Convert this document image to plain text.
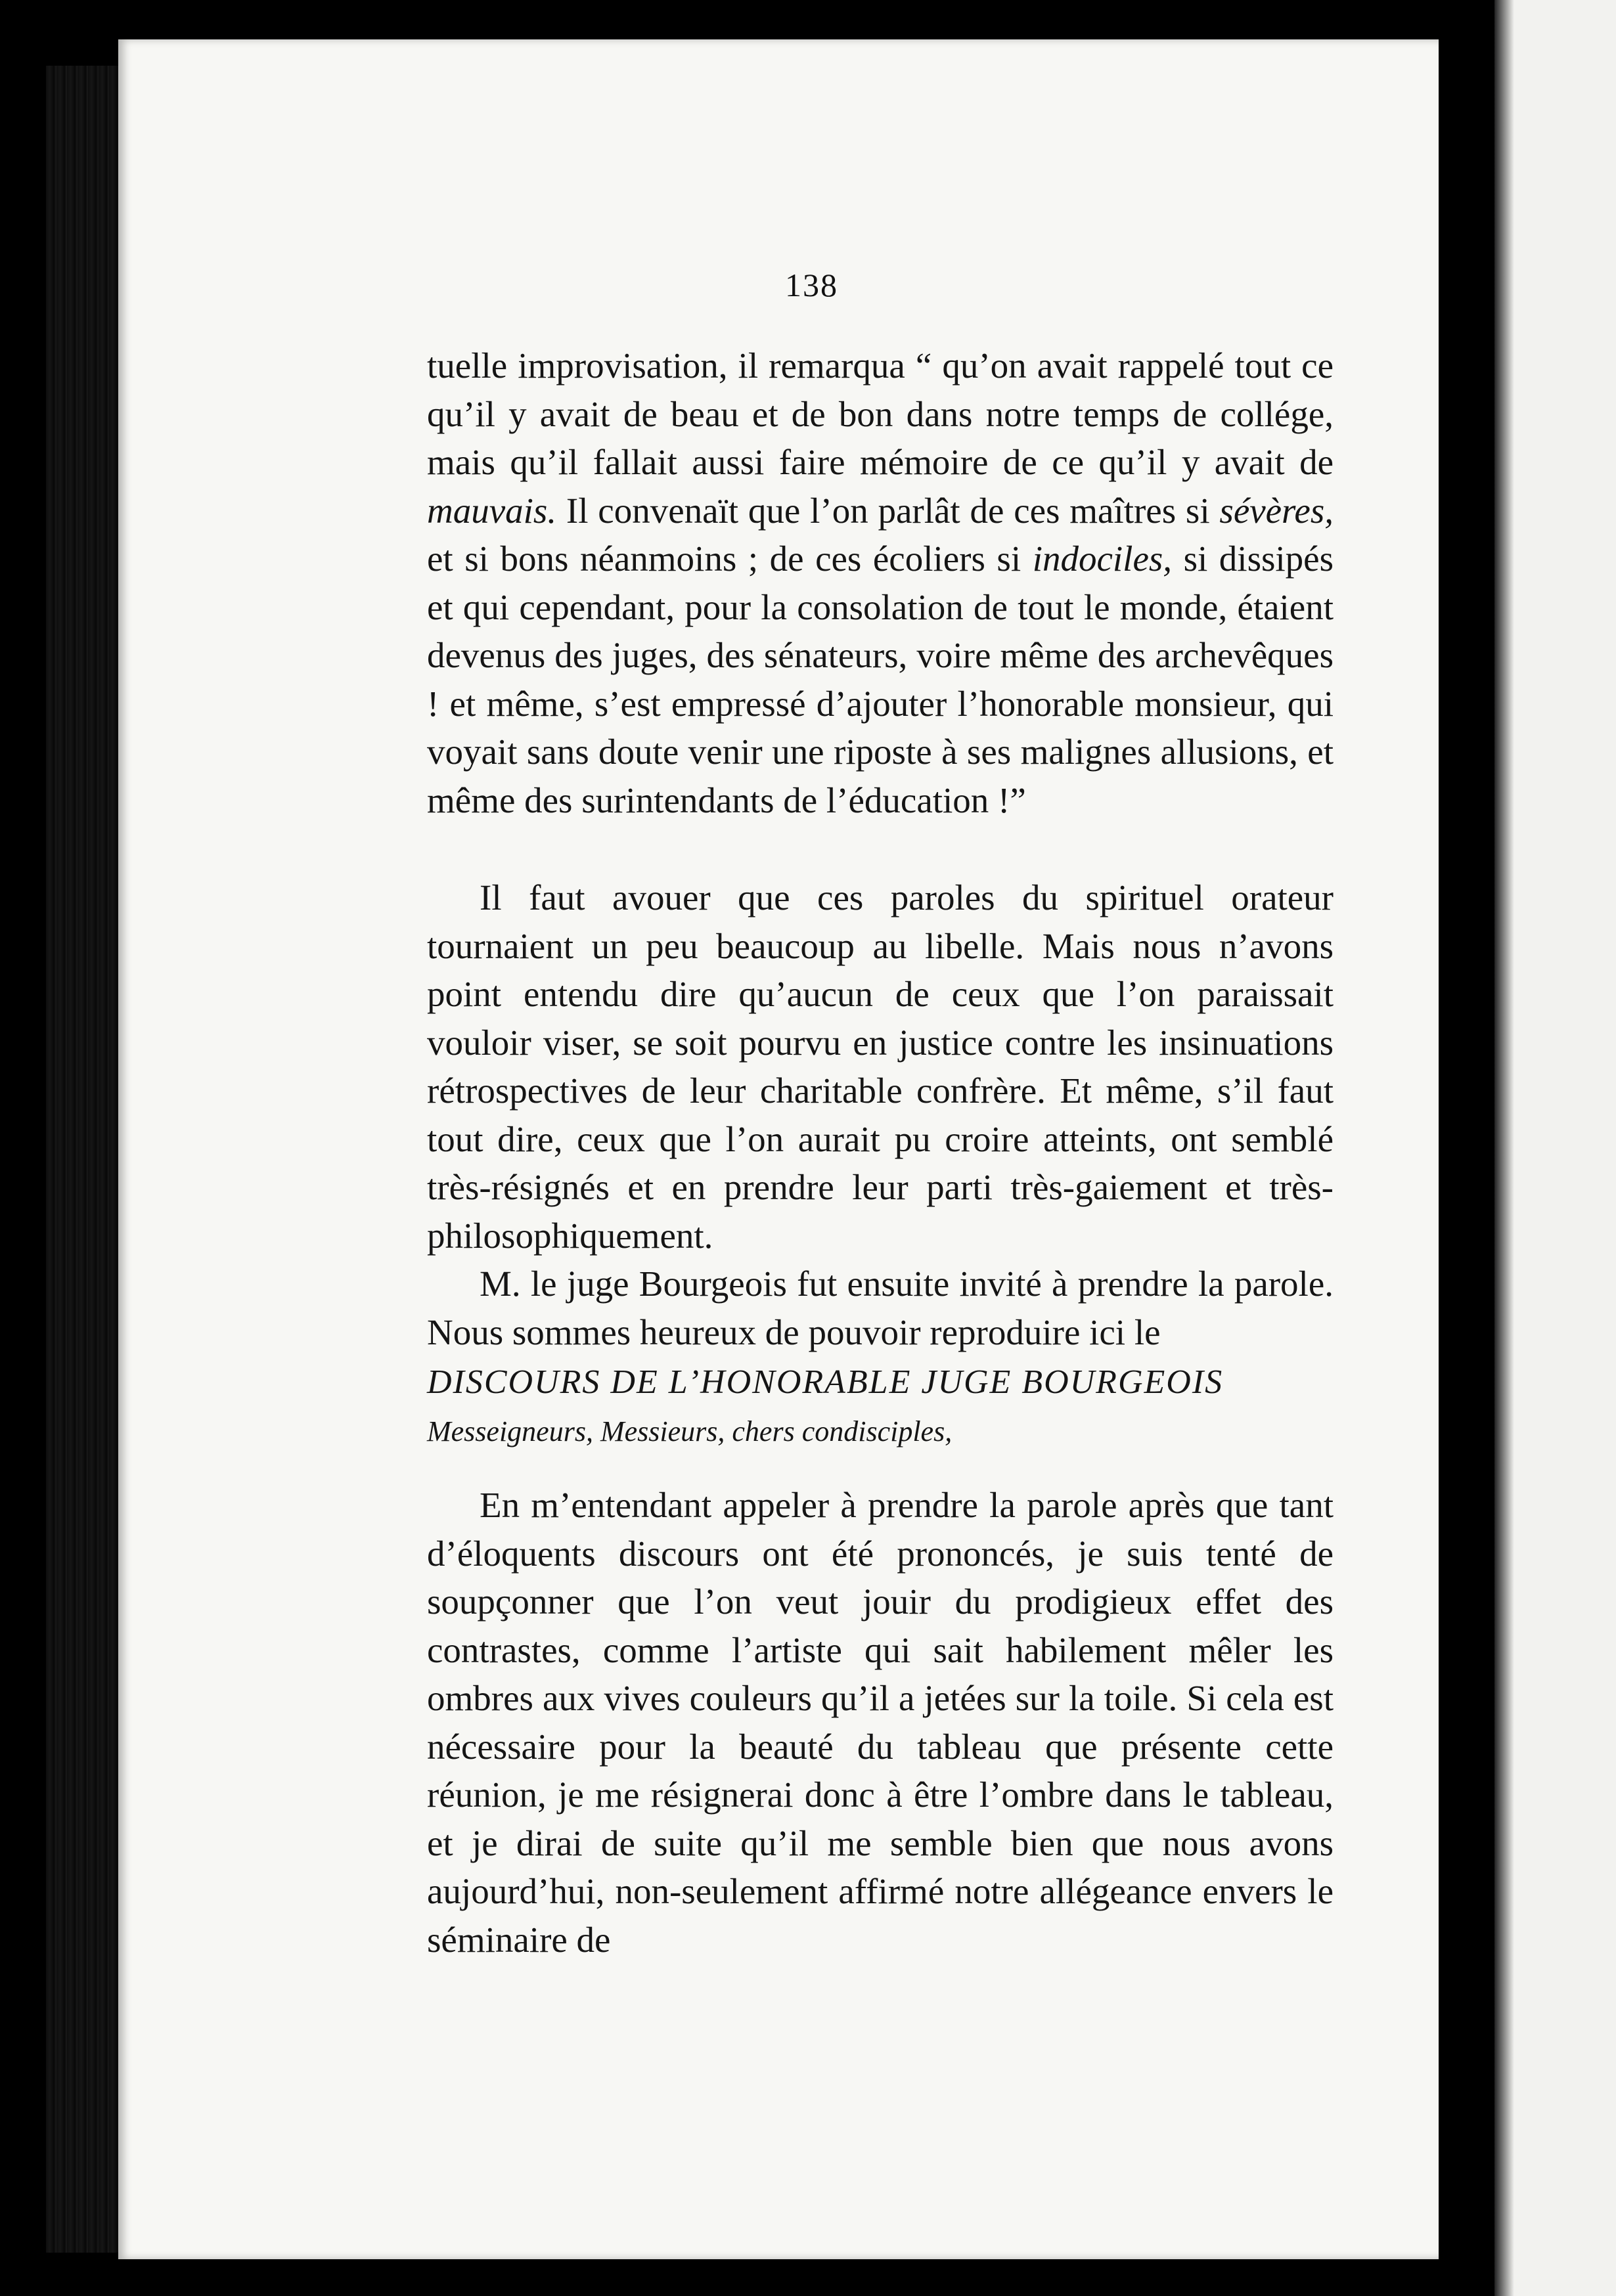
138

tuelle improvisation, il remarqua “ qu’on avait rappelé tout ce qu’il y avait de beau et de bon dans notre temps de collége, mais qu’il fallait aussi faire mémoire de ce qu’il y avait de mauvais. Il convenaït que l’on parlât de ces maîtres si sévères, et si bons néanmoins ; de ces écoliers si indociles, si dissipés et qui cependant, pour la consolation de tout le monde, étaient devenus des juges, des sénateurs, voire même des archevêques ! et même, s’est empressé d’ajouter l’honorable monsieur, qui voyait sans doute venir une riposte à ses malignes allusions, et même des surintendants de l’éducation !”

Il faut avouer que ces paroles du spirituel orateur tournaient un peu beaucoup au libelle. Mais nous n’avons point entendu dire qu’aucun de ceux que l’on paraissait vouloir viser, se soit pourvu en justice contre les insinuations rétrospectives de leur charitable confrère. Et même, s’il faut tout dire, ceux que l’on aurait pu croire atteints, ont semblé très-résignés et en prendre leur parti très-gaiement et très-philosophiquement.

M. le juge Bourgeois fut ensuite invité à prendre la parole. Nous sommes heureux de pouvoir reproduire ici le

DISCOURS DE L’HONORABLE JUGE BOURGEOIS

Messeigneurs, Messieurs, chers condisciples,

En m’entendant appeler à prendre la parole après que tant d’éloquents discours ont été prononcés, je suis tenté de soupçonner que l’on veut jouir du prodigieux effet des contrastes, comme l’artiste qui sait habilement mêler les ombres aux vives couleurs qu’il a jetées sur la toile. Si cela est nécessaire pour la beauté du tableau que présente cette réunion, je me résignerai donc à être l’ombre dans le tableau, et je dirai de suite qu’il me semble bien que nous avons aujourd’hui, non-seulement affirmé notre allégeance envers le séminaire de
